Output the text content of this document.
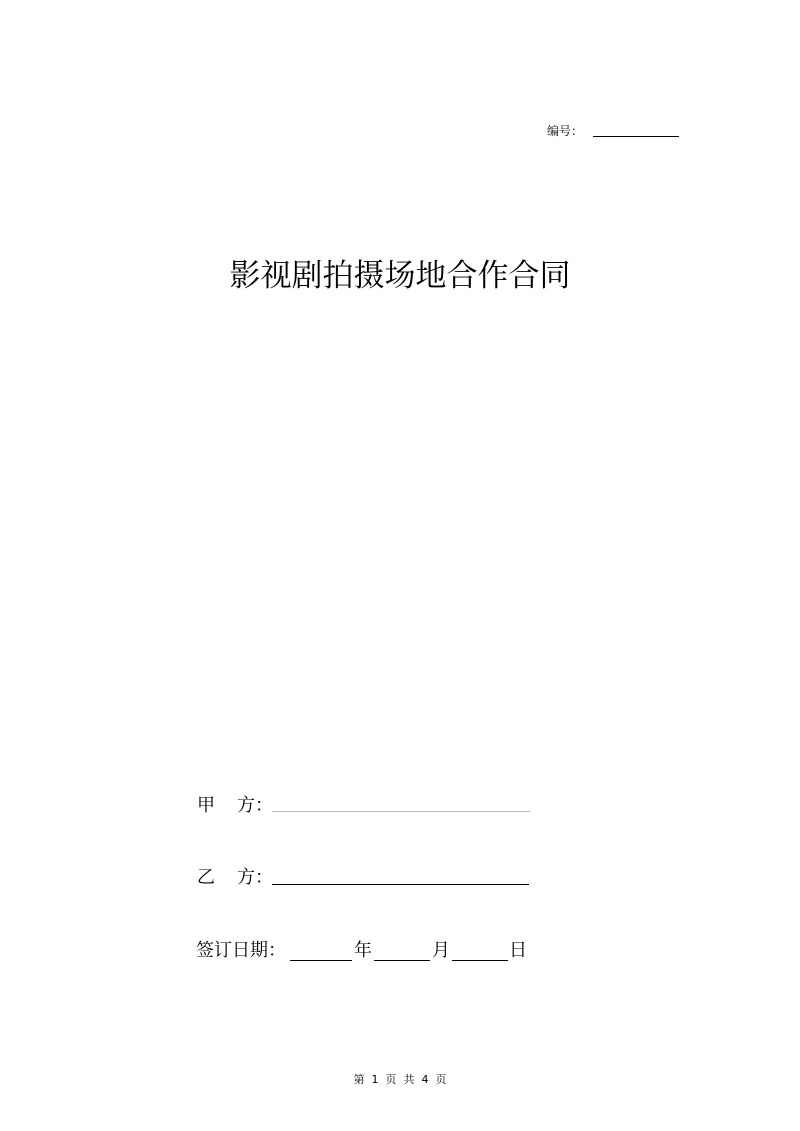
编号：
影视剧拍摄场地合作合同
甲 方：
乙 方：
签订日期：	年	月	日
第  1  页  共  4  页
